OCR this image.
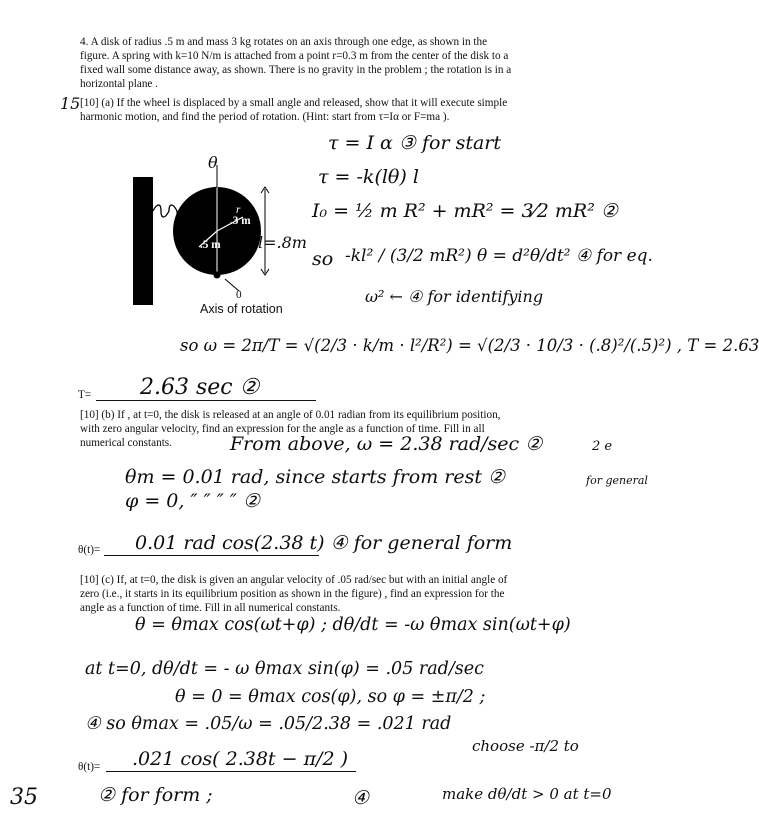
4. A disk of radius .5 m and mass 3 kg rotates on an axis through one edge, as shown in the
figure. A spring with k=10 N/m is attached from a point r=0.3 m from the center of the disk to a
fixed wall some distance away, as shown. There is no gravity in the problem ; the rotation is in a
horizontal plane .
15 [10] (a) If the wheel is displaced by a small angle and released, show that it will execute simple
harmonic motion, and find the period of rotation. (Hint: start from τ=Iα or F=ma ).
θ
r
.3 m
.5 m l=.8m
0
Axis of rotation
τ = I α ③ for start
τ = -k(lθ) l
I₀ = ½ m R² + mR² = 3⁄2 mR² ②
so -kl² / (3/2 mR²) θ = d²θ/dt² ④ for eq.
ω² ← ④ for identifying
so ω = 2π/T = √(2/3 · k/m · l²/R²) = √(2/3 · 10/3 · (.8)²/(.5)²) , T = 2.63
T= 2.63 sec ②
[10] (b) If , at t=0, the disk is released at an angle of 0.01 radian from its equilibrium position,
with zero angular velocity, find an expression for the angle as a function of time. Fill in all
numerical constants.	From above, ω = 2.38 rad/sec ②	2 e
θm = 0.01 rad, since starts from rest ②	for general
φ = 0, ″ ″ ″ ″ ②
θ(t)= 0.01 rad cos(2.38 t) ④ for general form
[10] (c) If, at t=0, the disk is given an angular velocity of .05 rad/sec but with an initial angle of
zero (i.e., it starts in its equilibrium position as shown in the figure) , find an expression for the
angle as a function of time. Fill in all numerical constants.
θ = θmax cos(ωt+φ) ; dθ/dt = -ω θmax sin(ωt+φ)
at t=0, dθ/dt = - ω θmax sin(φ) = .05 rad/sec
θ = 0 = θmax cos(φ), so φ = ±π/2 ;
④ so θmax = .05/ω = .05/2.38 = .021 rad
choose -π/2 to
θ(t)= .021 cos( 2.38t − π/2 )
② for form ;	④	make dθ/dt > 0 at t=0
35
